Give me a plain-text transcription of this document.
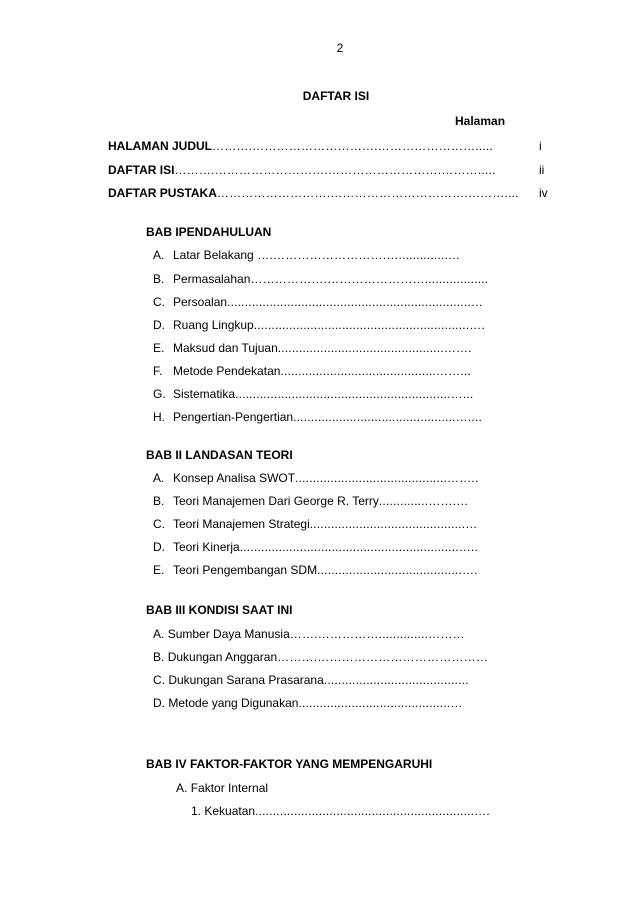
2
DAFTAR ISI
Halaman
HALAMAN JUDUL……….………………………….…………………….....	i
DAFTAR ISI……….……………………….……………………….……….....	ii
DAFTAR PUSTAKA……………………….…………………………….……….... iv
BAB IPENDAHULUAN
A. Latar Belakang ….……………………….…..............…
B. Permasalahan……………….……………………..................
C. Persoalan.....................................................................…
D. Ruang Lingkup.............................................................….
E. Maksud dan Tujuan...............................................…….
F. Metode Pendekatan............................................……...
G. Sistematika.............................................................…...
H. Pengertian-Pengertian..............................................…....
BAB II LANDASAN TEORI
A. Konsep Analisa SWOT...........................................……..
B. Teori Manajemen Dari George R. Terry..............…….…
C. Teori Manajemen Strategi............................................…
D. Teori Kinerja..............................................................…..
E. Teori Pengembangan SDM.........................................….
BAB III KONDISI SAAT INI
A. Sumber Daya Manusia…….……………..............………
B. Dukungan Anggaran……….……………………………………
C. Dukungan Sarana Prasarana.........................................
D. Metode yang Digunakan...........................................…
BAB IV FAKTOR-FAKTOR YANG MEMPENGARUHI
A. Faktor Internal
1. Kekuatan..............................................................….
